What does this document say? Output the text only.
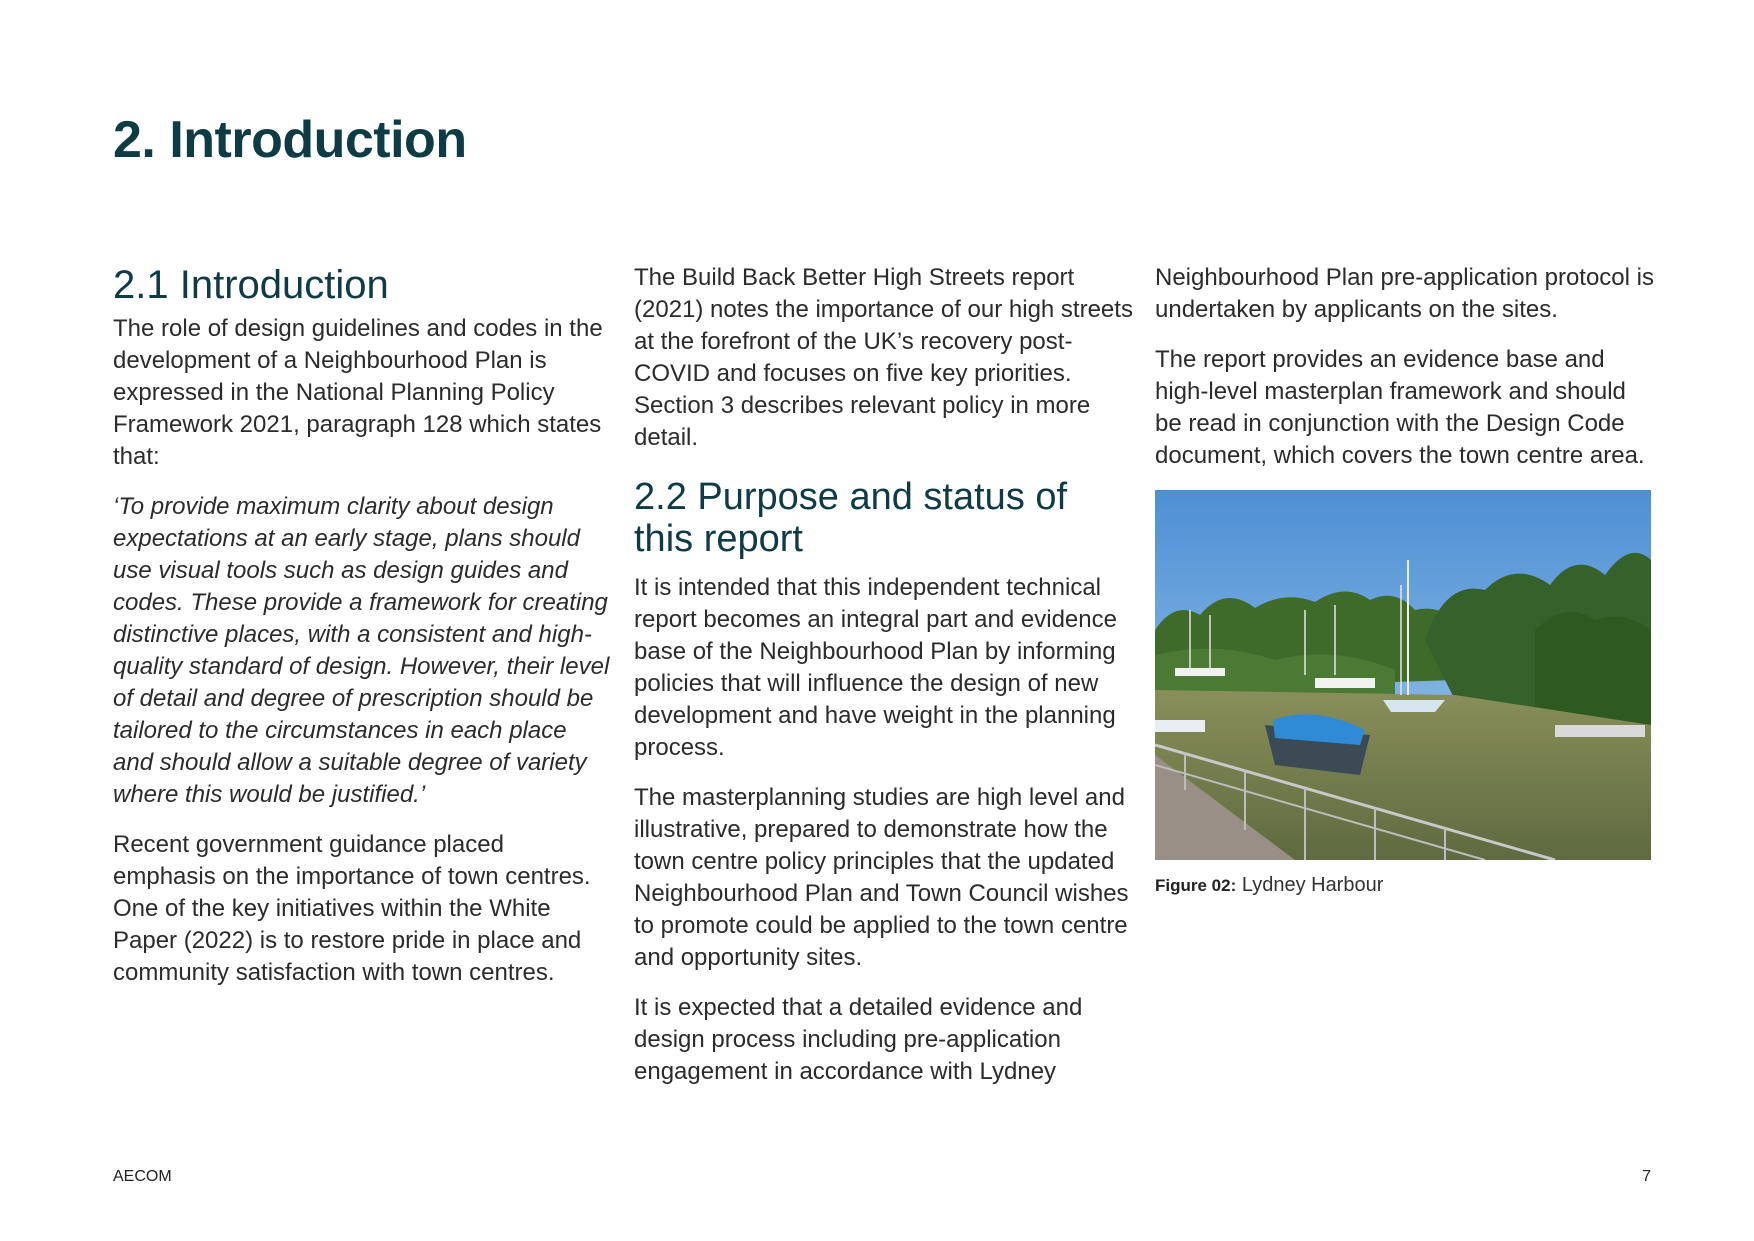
2. Introduction
2.1 Introduction

The role of design guidelines and codes in the development of a Neighbourhood Plan is expressed in the National Planning Policy Framework 2021, paragraph 128 which states that:

‘To provide maximum clarity about design expectations at an early stage, plans should use visual tools such as design guides and codes. These provide a framework for creating distinctive places, with a consistent and high-quality standard of design. However, their level of detail and degree of prescription should be tailored to the circumstances in each place and should allow a suitable degree of variety where this would be justified.’

Recent government guidance placed emphasis on the importance of town centres. One of the key initiatives within the White Paper (2022) is to restore pride in place and community satisfaction with town centres.

The Build Back Better High Streets report (2021) notes the importance of our high streets at the forefront of the UK’s recovery post-COVID and focuses on five key priorities. Section 3 describes relevant policy in more detail.

2.2 Purpose and status of this report

It is intended that this independent technical report becomes an integral part and evidence base of the Neighbourhood Plan by informing policies that will influence the design of new development and have weight in the planning process.

The masterplanning studies are high level and illustrative, prepared to demonstrate how the town centre policy principles that the updated Neighbourhood Plan and Town Council wishes to promote could be applied to the town centre and opportunity sites.

It is expected that a detailed evidence and design process including pre-application engagement in accordance with Lydney

Neighbourhood Plan pre-application protocol is undertaken by applicants on the sites.

The report provides an evidence base and high-level masterplan framework and should be read in conjunction with the Design Code document, which covers the town centre area.

Figure 02: Lydney Harbour
AECOM	7
